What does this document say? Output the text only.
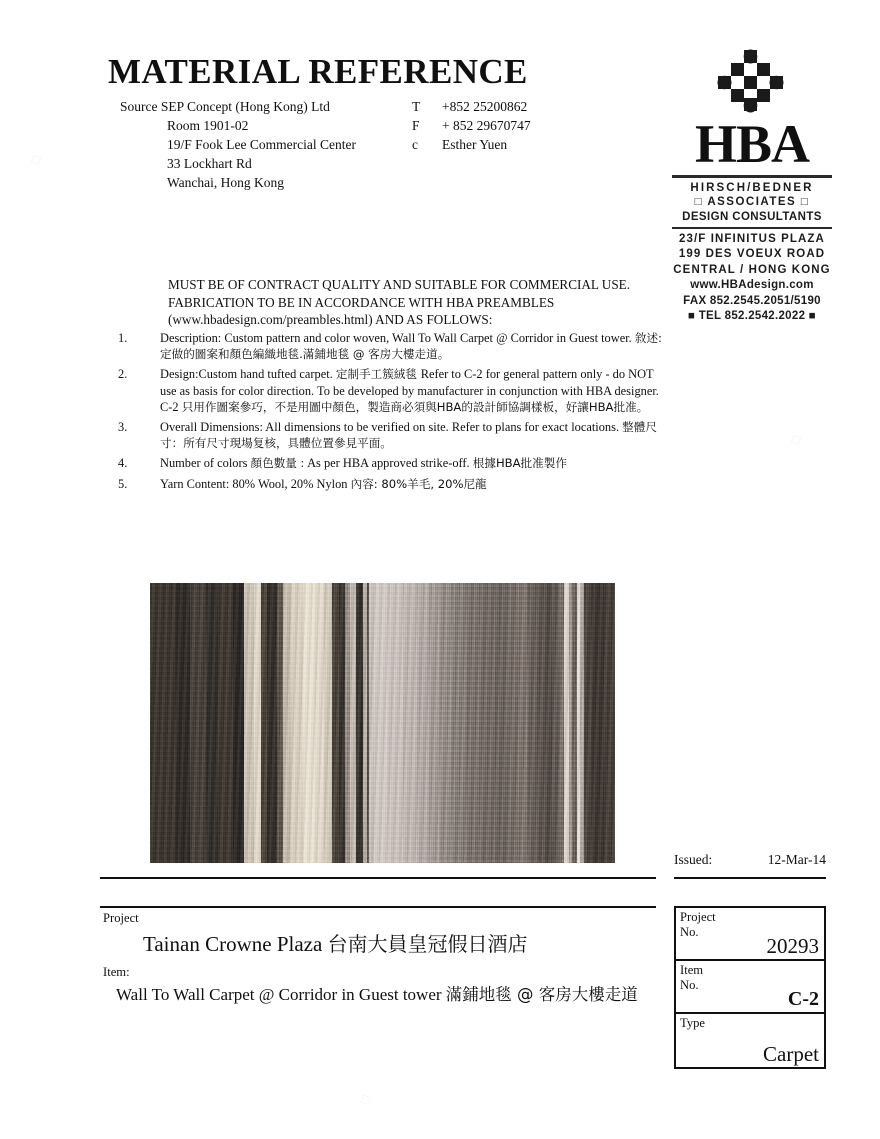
MATERIAL REFERENCE
Source SEP Concept (Hong Kong) Ltd
Room 1901-02
19/F Fook Lee Commercial Center
33 Lockhart Rd
Wanchai, Hong Kong
T	+852 25200862
F	+ 852 29670747
c	Esther Yuen	HBA
HIRSCH/BEDNER
□ ASSOCIATES □
DESIGN CONSULTANTS
23/F INFINITUS PLAZA
199 DES VOEUX ROAD
CENTRAL / HONG KONG
www.HBAdesign.com
FAX 852.2545.2051/5190
■ TEL 852.2542.2022 ■
MUST BE OF CONTRACT QUALITY AND SUITABLE FOR COMMERCIAL USE. FABRICATION TO BE IN ACCORDANCE WITH HBA PREAMBLES (www.hbadesign.com/preambles.html) AND AS FOLLOWS:
1.	Description: Custom pattern and color woven, Wall To Wall Carpet @ Corridor in Guest tower. 敘述: 定做的圖案和顏色編織地毯.滿鋪地毯 @ 客房大樓走道。
2.	Design:Custom hand tufted carpet. 定制手工簇絨毯 Refer to C-2 for general pattern only - do NOT use as basis for color direction. To be developed by manufacturer in conjunction with HBA designer. C-2 只用作圖案參巧，不是用圖中顏色，製造商必須與HBA的設計師協調樣板，好讓HBA批准。
3.	Overall Dimensions: All dimensions to be verified on site. Refer to plans for exact locations. 整體尺寸：所有尺寸現場复核，具體位置參見平面。
4.	Number of colors 顏色數量 : As per HBA approved strike-off. 根據HBA批准製作
5.	Yarn Content: 80% Wool, 20% Nylon 內容: 80%羊毛, 20%尼龍
Issued:	12-Mar-14
Project
Tainan Crowne Plaza 台南大員皇冠假日酒店
Item:
Wall To Wall Carpet @ Corridor in Guest tower 滿鋪地毯 @ 客房大樓走道
Project
No.
20293
Item
No.
C-2
Type
Carpet
